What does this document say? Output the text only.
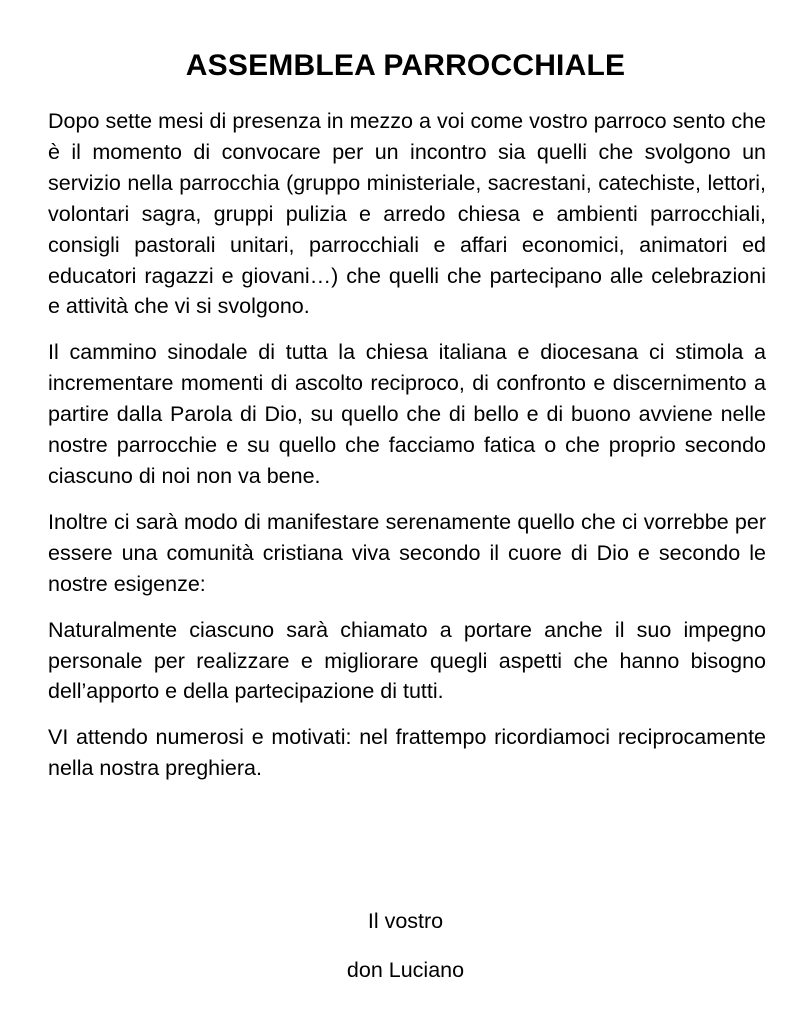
ASSEMBLEA PARROCCHIALE

Dopo sette mesi di presenza in mezzo a voi come vostro parroco sento che è il momento di convocare per un incontro sia quelli che svolgono un servizio nella parrocchia (gruppo ministeriale, sacrestani, catechiste, lettori, volontari sagra, gruppi pulizia e arredo chiesa e ambienti parrocchiali, consigli pastorali unitari, parrocchiali e affari economici, animatori ed educatori ragazzi e giovani…) che quelli che partecipano alle celebrazioni e attività che vi si svolgono.

Il cammino sinodale di tutta la chiesa italiana e diocesana ci stimola a incrementare momenti di ascolto reciproco, di confronto e discernimento a partire dalla Parola di Dio, su quello che di bello e di buono avviene nelle nostre parrocchie e su quello che facciamo fatica o che proprio secondo ciascuno di noi non va bene.

Inoltre ci sarà modo di manifestare serenamente quello che ci vorrebbe per essere una comunità cristiana viva secondo il cuore di Dio e secondo le nostre esigenze:

Naturalmente ciascuno sarà chiamato a portare anche il suo impegno personale per realizzare e migliorare quegli aspetti che hanno bisogno dell’apporto e della partecipazione di tutti.

VI attendo numerosi e motivati: nel frattempo ricordiamoci reciprocamente nella nostra preghiera.

Il vostro
don Luciano
